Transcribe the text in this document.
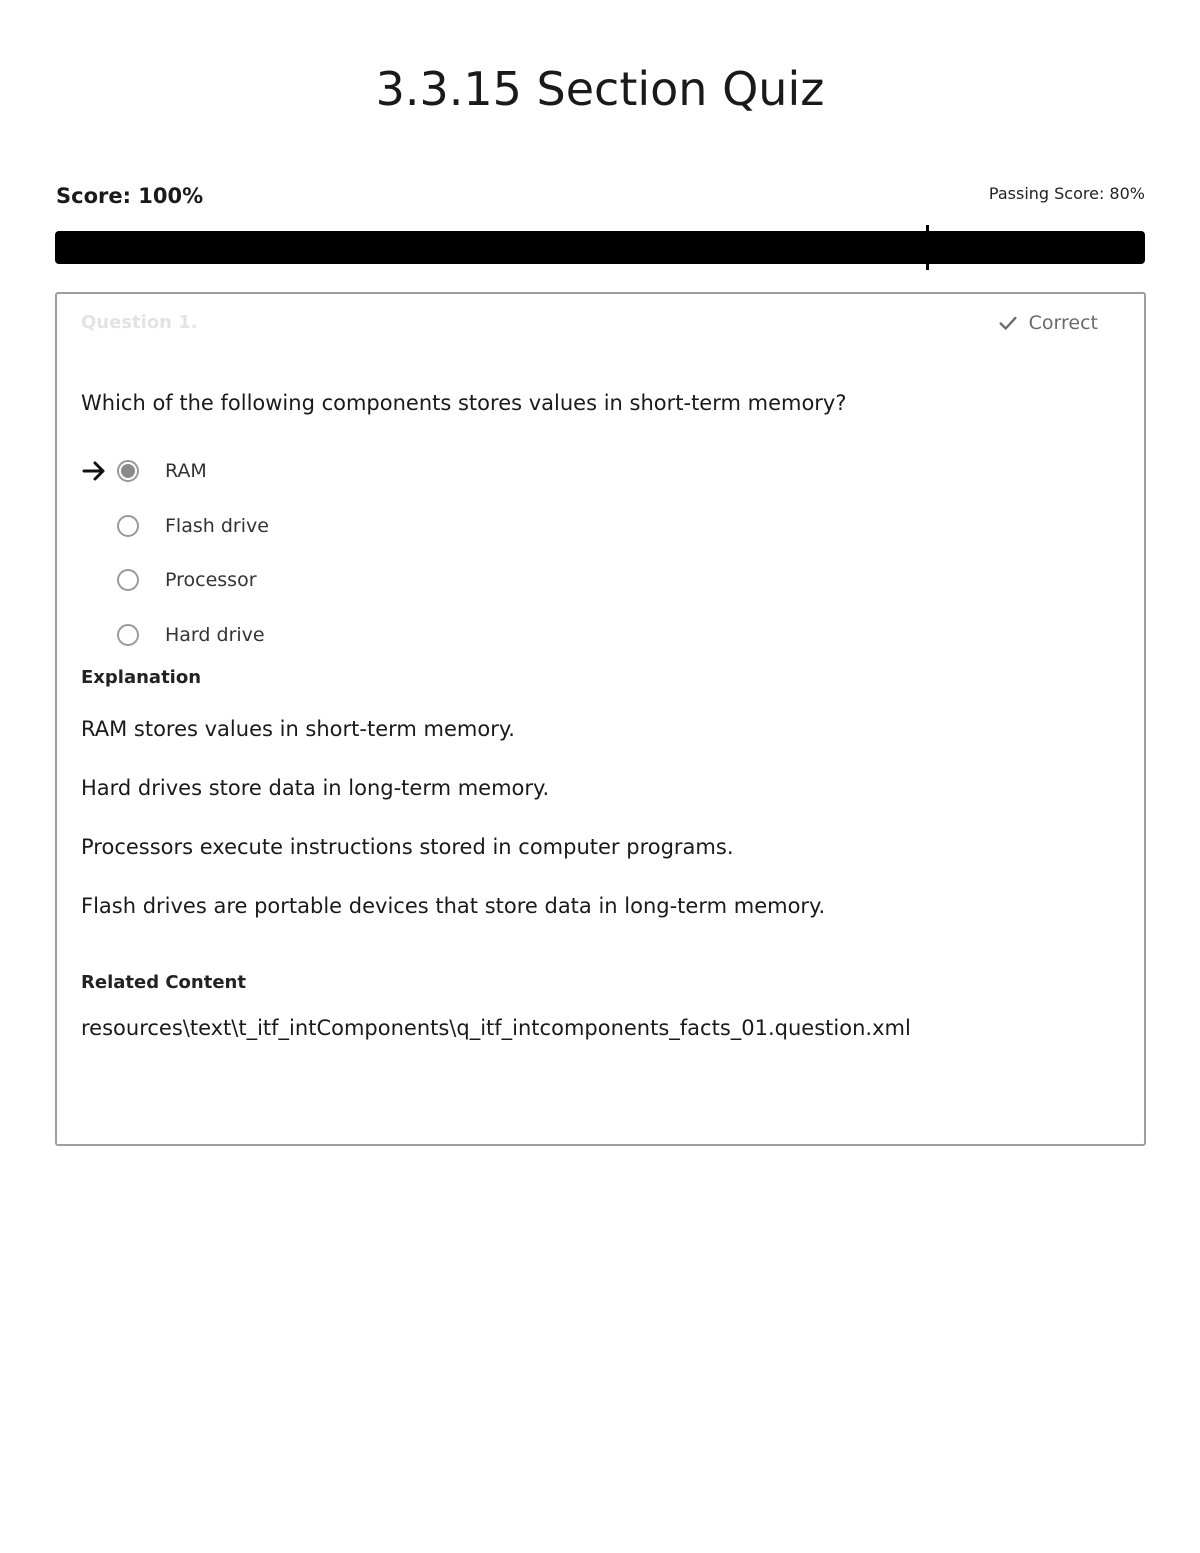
3.3.15 Section Quiz
Score: 100%	Passing Score: 80%
Question 1.	Correct
Which of the following components stores values in short-term memory?
RAM
Flash drive
Processor
Hard drive
Explanation
RAM stores values in short-term memory.
Hard drives store data in long-term memory.
Processors execute instructions stored in computer programs.
Flash drives are portable devices that store data in long-term memory.
Related Content
resources\text\t_itf_intComponents\q_itf_intcomponents_facts_01.question.xml
